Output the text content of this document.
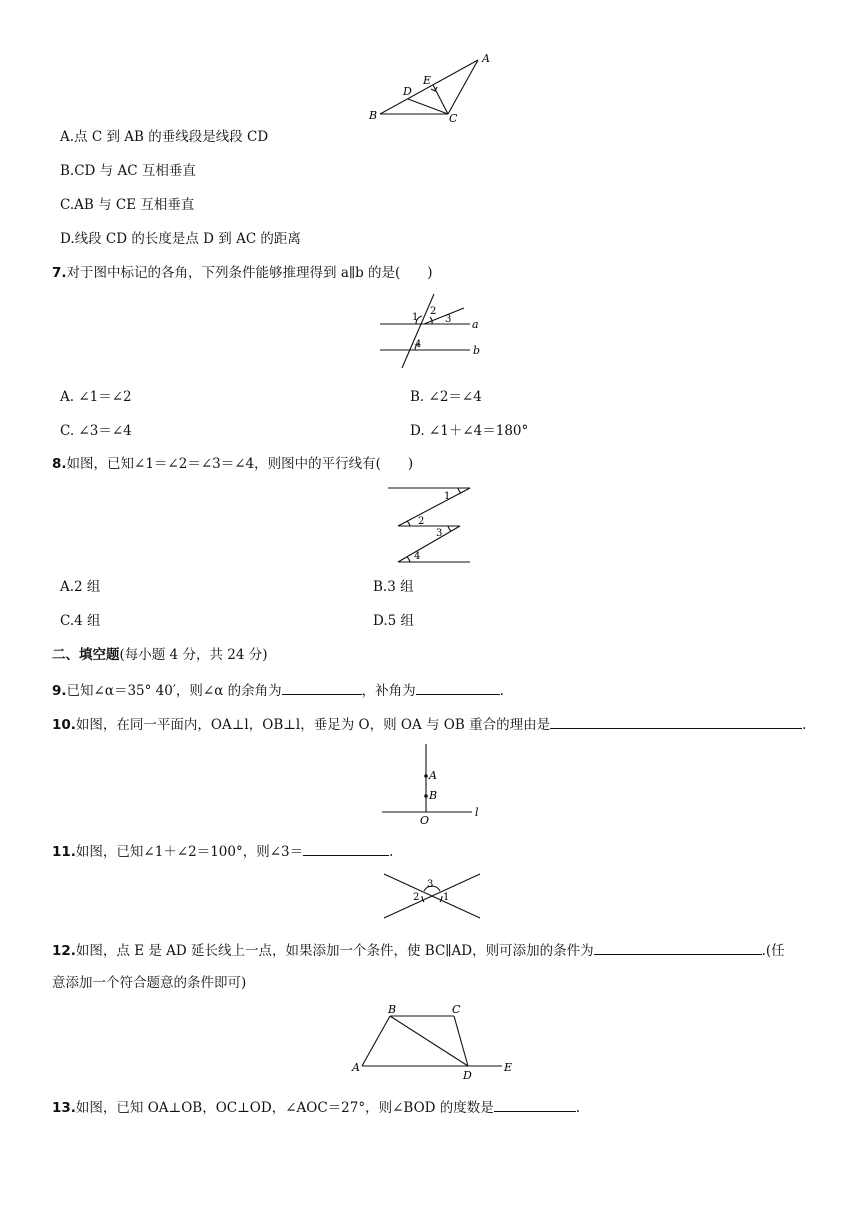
A
B	C
D
E
A.点 C 到 AB 的垂线段是线段 CD
B.CD 与 AC 互相垂直
C.AB 与 CE 互相垂直
D.线段 CD 的长度是点 D 到 AC 的距离
7.对于图中标记的各角，下列条件能够推理得到 a∥b 的是(　　)
a
b
1
2
3
4
A. ∠1＝∠2	B. ∠2＝∠4
C. ∠3＝∠4	D. ∠1＋∠4＝180°
8.如图，已知∠1＝∠2＝∠3＝∠4，则图中的平行线有(　　)
1
2
3
4
A.2 组	B.3 组
C.4 组	D.5 组
二、填空题(每小题 4 分，共 24 分)
9.已知∠α＝35° 40′，则∠α 的余角为	，补角为	.
10.如图，在同一平面内，OA⊥l，OB⊥l，垂足为 O，则 OA 与 OB 重合的理由是	.
A
B
O
l
11.如图，已知∠1＋∠2＝100°，则∠3＝	.
3
2 1
12.如图，点 E 是 AD 延长线上一点，如果添加一个条件，使 BC∥AD，则可添加的条件为	.(任
意添加一个符合题意的条件即可)
A
B	C
D
E
13.如图，已知 OA⊥OB，OC⊥OD，∠AOC＝27°，则∠BOD 的度数是	.
